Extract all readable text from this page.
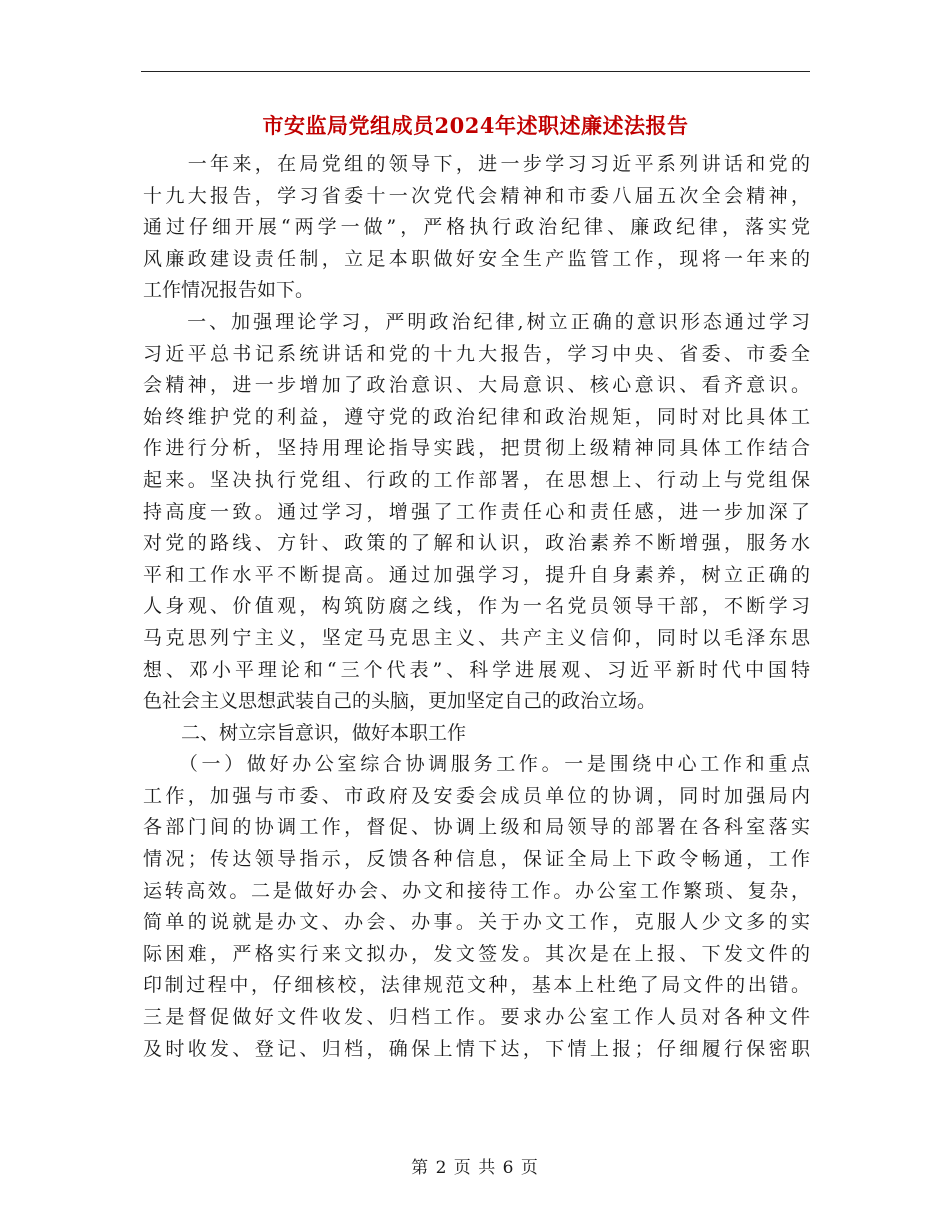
市安监局党组成员2024年述职述廉述法报告
　　一年来，在局党组的领导下，进一步学习习近平系列讲话和党的
十九大报告，学习省委十一次党代会精神和市委八届五次全会精神，
通过仔细开展“两学一做”，严格执行政治纪律、廉政纪律，落实党
风廉政建设责任制，立足本职做好安全生产监管工作，现将一年来的
工作情况报告如下。
　　一、加强理论学习，严明政治纪律,树立正确的意识形态通过学习
习近平总书记系统讲话和党的十九大报告，学习中央、省委、市委全
会精神，进一步增加了政治意识、大局意识、核心意识、看齐意识。
始终维护党的利益，遵守党的政治纪律和政治规矩，同时对比具体工
作进行分析，坚持用理论指导实践，把贯彻上级精神同具体工作结合
起来。坚决执行党组、行政的工作部署，在思想上、行动上与党组保
持高度一致。通过学习，增强了工作责任心和责任感，进一步加深了
对党的路线、方针、政策的了解和认识，政治素养不断增强，服务水
平和工作水平不断提高。通过加强学习，提升自身素养，树立正确的
人身观、价值观，构筑防腐之线，作为一名党员领导干部，不断学习
马克思列宁主义，坚定马克思主义、共产主义信仰，同时以毛泽东思
想、邓小平理论和“三个代表”、科学进展观、习近平新时代中国特
色社会主义思想武装自己的头脑，更加坚定自己的政治立场。
　　二、树立宗旨意识，做好本职工作
　　（一）做好办公室综合协调服务工作。一是围绕中心工作和重点
工作，加强与市委、市政府及安委会成员单位的协调，同时加强局内
各部门间的协调工作，督促、协调上级和局领导的部署在各科室落实
情况；传达领导指示，反馈各种信息，保证全局上下政令畅通，工作
运转高效。二是做好办会、办文和接待工作。办公室工作繁琐、复杂，
简单的说就是办文、办会、办事。关于办文工作，克服人少文多的实
际困难，严格实行来文拟办，发文签发。其次是在上报、下发文件的
印制过程中，仔细核校，法律规范文种，基本上杜绝了局文件的出错。
三是督促做好文件收发、归档工作。要求办公室工作人员对各种文件
及时收发、登记、归档，确保上情下达，下情上报；仔细履行保密职
第 2 页 共 6 页
